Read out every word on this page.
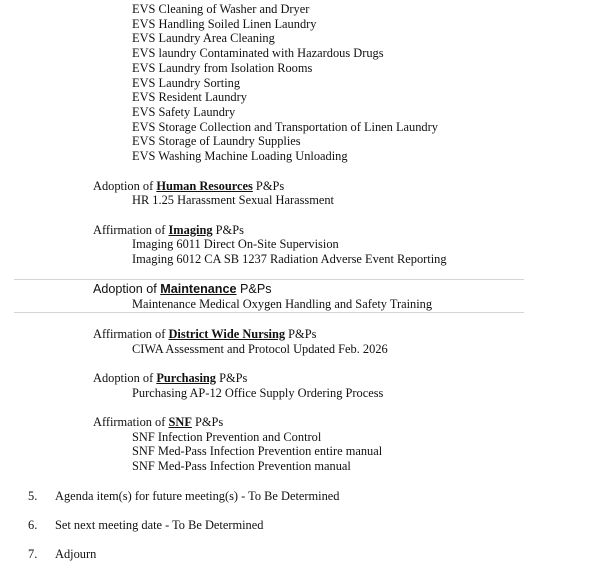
EVS Cleaning of Washer and Dryer
EVS Handling Soiled Linen Laundry
EVS Laundry Area Cleaning
EVS laundry Contaminated with Hazardous Drugs
EVS Laundry from Isolation Rooms
EVS Laundry Sorting
EVS Resident Laundry
EVS Safety Laundry
EVS Storage Collection and Transportation of Linen Laundry
EVS Storage of Laundry Supplies
EVS Washing Machine Loading Unloading
Adoption of Human Resources P&Ps
HR 1.25 Harassment Sexual Harassment
Affirmation of Imaging P&Ps
Imaging 6011 Direct On-Site Supervision
Imaging 6012 CA SB 1237 Radiation Adverse Event Reporting
Adoption of Maintenance P&Ps
Maintenance Medical Oxygen Handling and Safety Training
Affirmation of District Wide Nursing P&Ps
CIWA Assessment and Protocol Updated Feb. 2026
Adoption of Purchasing P&Ps
Purchasing AP-12 Office Supply Ordering Process
Affirmation of SNF P&Ps
SNF Infection Prevention and Control
SNF Med-Pass Infection Prevention entire manual
SNF Med-Pass Infection Prevention manual
5. Agenda item(s) for future meeting(s) - To Be Determined
6. Set next meeting date - To Be Determined
7. Adjourn
